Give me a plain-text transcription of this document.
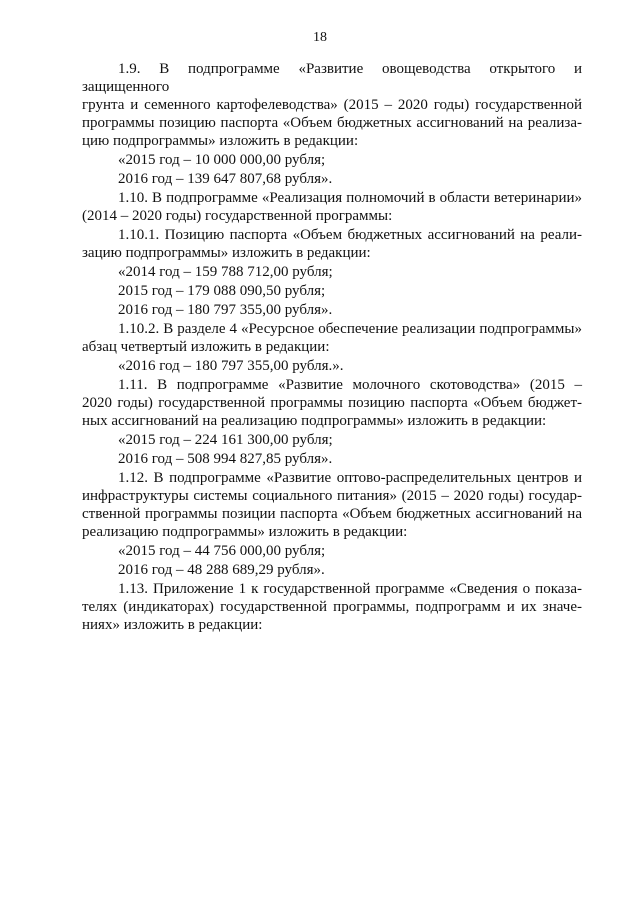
18
1.9. В подпрограмме «Развитие овощеводства открытого и защищенного
грунта и семенного картофелеводства» (2015 – 2020 годы) государственной
программы позицию паспорта «Объем бюджетных ассигнований на реализа-
цию подпрограммы» изложить в редакции:
«2015 год – 10 000 000,00 рубля;
2016 год – 139 647 807,68 рубля».
1.10. В подпрограмме «Реализация полномочий в области ветеринарии»
(2014 – 2020 годы) государственной программы:
1.10.1. Позицию паспорта «Объем бюджетных ассигнований на реали-
зацию подпрограммы» изложить в редакции:
«2014 год – 159 788 712,00 рубля;
2015 год – 179 088 090,50 рубля;
2016 год – 180 797 355,00 рубля».
1.10.2. В разделе 4 «Ресурсное обеспечение реализации подпрограммы»
абзац четвертый изложить в редакции:
«2016 год – 180 797 355,00 рубля.».
1.11. В подпрограмме «Развитие молочного скотоводства» (2015 –
2020 годы) государственной программы позицию паспорта «Объем бюджет-
ных ассигнований на реализацию подпрограммы» изложить в редакции:
«2015 год – 224 161 300,00 рубля;
2016 год – 508 994 827,85 рубля».
1.12. В подпрограмме «Развитие оптово-распределительных центров и
инфраструктуры системы социального питания» (2015 – 2020 годы) государ-
ственной программы позиции паспорта «Объем бюджетных ассигнований на
реализацию подпрограммы» изложить в редакции:
«2015 год – 44 756 000,00 рубля;
2016 год – 48 288 689,29 рубля».
1.13. Приложение 1 к государственной программе «Сведения о показа-
телях (индикаторах) государственной программы, подпрограмм и их значе-
ниях» изложить в редакции:
